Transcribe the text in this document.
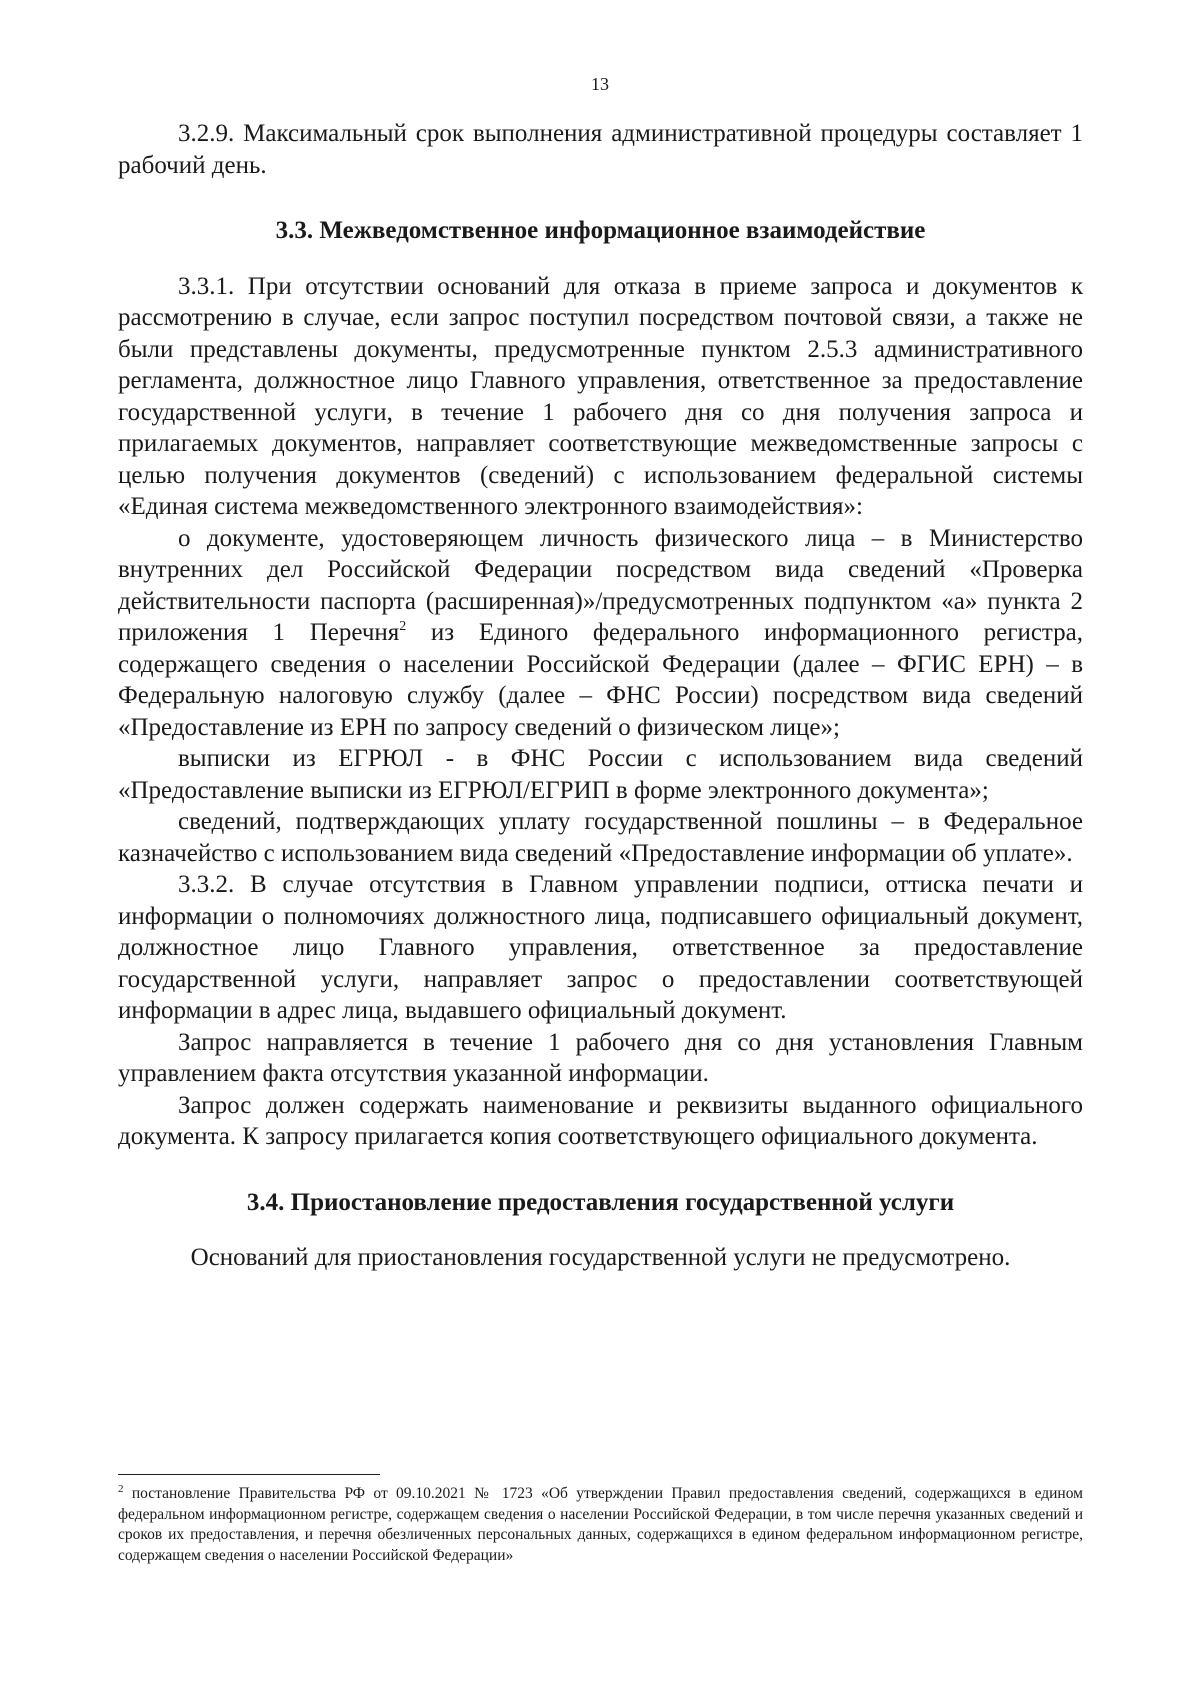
13

3.2.9. Максимальный срок выполнения административной процедуры составляет 1 рабочий день.

3.3. Межведомственное информационное взаимодействие

3.3.1. При отсутствии оснований для отказа в приеме запроса и документов к рассмотрению в случае, если запрос поступил посредством почтовой связи, а также не были представлены документы, предусмотренные пунктом 2.5.3 административного регламента, должностное лицо Главного управления, ответственное за предоставление государственной услуги, в течение 1 рабочего дня со дня получения запроса и прилагаемых документов, направляет соответствующие межведомственные запросы с целью получения документов (сведений) с использованием федеральной системы «Единая система межведомственного электронного взаимодействия»:

о документе, удостоверяющем личность физического лица – в Министерство внутренних дел Российской Федерации посредством вида сведений «Проверка действительности паспорта (расширенная)»/предусмотренных подпунктом «а» пункта 2 приложения 1 Перечня$^2$ из Единого федерального информационного регистра, содержащего сведения о населении Российской Федерации (далее – ФГИС ЕРН) – в Федеральную налоговую службу (далее – ФНС России) посредством вида сведений «Предоставление из ЕРН по запросу сведений о физическом лице»;

выписки из ЕГРЮЛ - в ФНС России с использованием вида сведений «Предоставление выписки из ЕГРЮЛ/ЕГРИП в форме электронного документа»;

сведений, подтверждающих уплату государственной пошлины – в Федеральное казначейство с использованием вида сведений «Предоставление информации об уплате».

3.3.2. В случае отсутствия в Главном управлении подписи, оттиска печати и информации о полномочиях должностного лица, подписавшего официальный документ, должностное лицо Главного управления, ответственное за предоставление государственной услуги, направляет запрос о предоставлении соответствующей информации в адрес лица, выдавшего официальный документ.

Запрос направляется в течение 1 рабочего дня со дня установления Главным управлением факта отсутствия указанной информации.

Запрос должен содержать наименование и реквизиты выданного официального документа. К запросу прилагается копия соответствующего официального документа.

3.4. Приостановление предоставления государственной услуги

Оснований для приостановления государственной услуги не предусмотрено.

$^2$ постановление Правительства РФ от 09.10.2021 № 1723 «Об утверждении Правил предоставления сведений, содержащихся в едином федеральном информационном регистре, содержащем сведения о населении Российской Федерации, в том числе перечня указанных сведений и сроков их предоставления, и перечня обезличенных персональных данных, содержащихся в едином федеральном информационном регистре, содержащем сведения о населении Российской Федерации»
